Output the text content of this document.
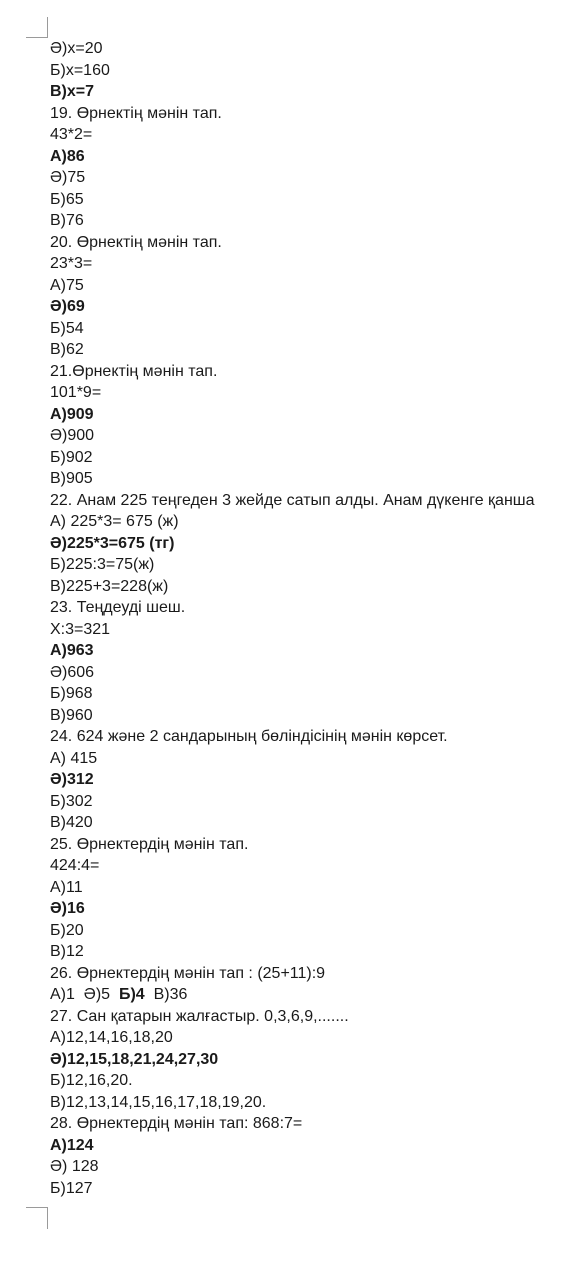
Ә)x=20
Б)x=160
В)x=7
19. Өрнектің мәнін тап.
43*2=
А)86
Ә)75
Б)65
В)76
20. Өрнектің мәнін тап.
23*3=
А)75
Ә)69
Б)54
В)62
21.Өрнектің мәнін тап.
101*9=
А)909
Ә)900
Б)902
В)905
22. Анам 225 теңгеден 3 жейде сатып алды. Анам дүкенге қанша
А) 225*3= 675 (ж)
Ә)225*3=675 (тг)
Б)225:3=75(ж)
В)225+3=228(ж)
23. Теңдеуді шеш.
Х:3=321
А)963
Ә)606
Б)968
В)960
24. 624 және 2 сандарының бөліндісінің мәнін көрсет.
А) 415
Ә)312
Б)302
В)420
25. Өрнектердің мәнін тап.
424:4=
А)11
Ә)16
Б)20
В)12
26. Өрнектердің мәнін тап : (25+11):9
А)1 Ә)5 Б)4 В)36
27. Сан қатарын жалғастыр. 0,3,6,9,.......
А)12,14,16,18,20
Ә)12,15,18,21,24,27,30
Б)12,16,20.
В)12,13,14,15,16,17,18,19,20.
28. Өрнектердің мәнін тап: 868:7=
А)124
Ә) 128
Б)127
